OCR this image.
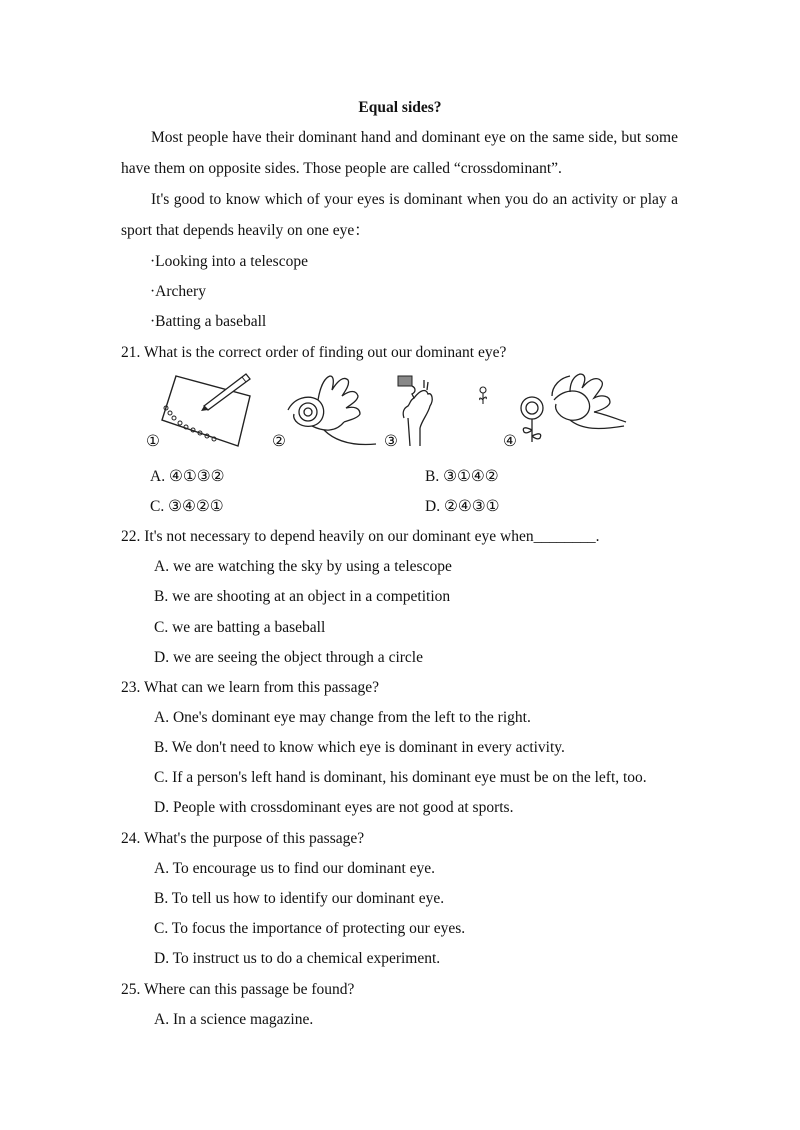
Equal sides?
Most people have their dominant hand and dominant eye on the same side, but some have them on opposite sides. Those people are called “crossdominant”.
It's good to know which of your eyes is dominant when you do an activity or play a sport that depends heavily on one eye：
·Looking into a telescope
·Archery
·Batting a baseball
21. What is the correct order of finding out our dominant eye?
①	②	③	④
A. ④①③②	B. ③①④②
C. ③④②①	D. ②④③①
22. It's not necessary to depend heavily on our dominant eye when________.
A. we are watching the sky by using a telescope
B. we are shooting at an object in a competition
C. we are batting a baseball
D. we are seeing the object through a circle
23. What can we learn from this passage?
A. One's dominant eye may change from the left to the right.
B. We don't need to know which eye is dominant in every activity.
C. If a person's left hand is dominant, his dominant eye must be on the left, too.
D. People with crossdominant eyes are not good at sports.
24. What's the purpose of this passage?
A. To encourage us to find our dominant eye.
B. To tell us how to identify our dominant eye.
C. To focus the importance of protecting our eyes.
D. To instruct us to do a chemical experiment.
25. Where can this passage be found?
A. In a science magazine.
